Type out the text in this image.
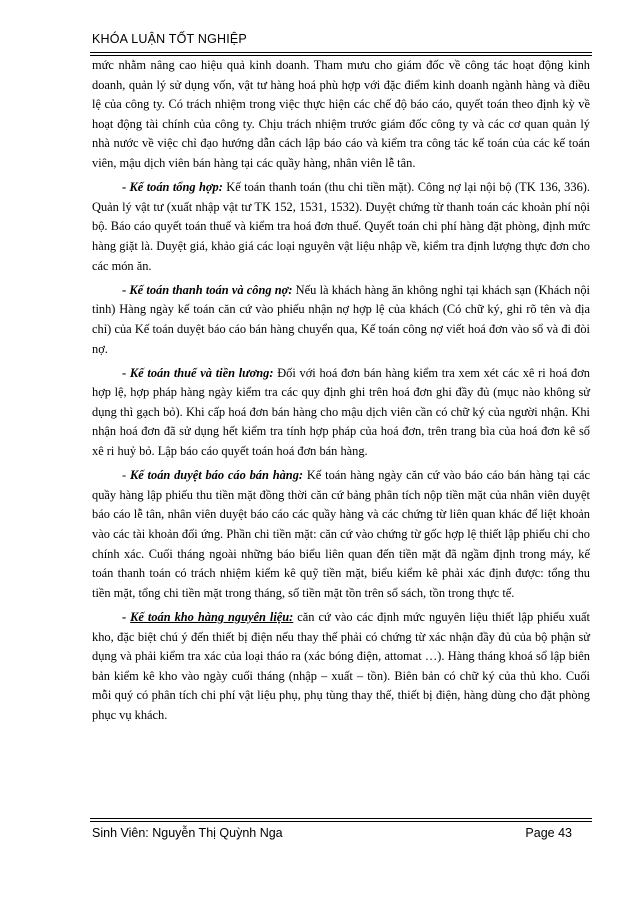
KHÓA LUẬN TỐT NGHIỆP

mức nhằm nâng cao hiệu quả kinh doanh. Tham mưu cho giám đốc về công tác hoạt động kinh doanh, quản lý sử dụng vốn, vật tư hàng hoá phù hợp với đặc điểm kinh doanh ngành hàng và điều lệ của công ty. Có trách nhiệm trong việc thực hiện các chế độ báo cáo, quyết toán theo định kỳ về hoạt động tài chính của công ty. Chịu trách nhiệm trước giám đốc công ty và các cơ quan quản lý nhà nước về việc chỉ đạo hướng dẫn cách lập báo cáo và kiểm tra công tác kế toán của các kế toán viên, mậu dịch viên bán hàng tại các quầy hàng, nhân viên lễ tân.

- Kế toán tổng hợp: Kế toán thanh toán (thu chi tiền mặt). Công nợ lại nội bộ (TK 136, 336). Quản lý vật tư (xuất nhập vật tư TK 152, 1531, 1532). Duyệt chứng từ thanh toán các khoản phí nội bộ. Báo cáo quyết toán thuế và kiểm tra hoá đơn thuế. Quyết toán chi phí hàng đặt phòng, định mức hàng giặt là. Duyệt giá, khảo giá các loại nguyên vật liệu nhập về, kiểm tra định lượng thực đơn cho các món ăn.

- Kế toán thanh toán và công nợ: Nếu là khách hàng ăn không nghỉ tại khách sạn (Khách nội tỉnh) Hàng ngày kế toán căn cứ vào phiếu nhận nợ hợp lệ của khách (Có chữ ký, ghi rõ tên và địa chỉ) của Kế toán duyệt báo cáo bán hàng chuyển qua, Kế toán công nợ viết hoá đơn vào sổ và đi đòi nợ.

- Kế toán thuế và tiền lương: Đối với hoá đơn bán hàng kiểm tra xem xét các xê ri hoá đơn hợp lệ, hợp pháp hàng ngày kiểm tra các quy định ghi trên hoá đơn ghi đầy đủ (mục nào không sử dụng thì gạch bỏ). Khi cấp hoá đơn bán hàng cho mậu dịch viên cần có chữ ký của người nhận. Khi nhận hoá đơn đã sử dụng hết kiểm tra tính hợp pháp của hoá đơn, trên trang bìa của hoá đơn kê số xê ri huỷ bỏ. Lập báo cáo quyết toán hoá đơn bán hàng.

- Kế toán duyệt báo cáo bán hàng: Kế toán hàng ngày căn cứ vào báo cáo bán hàng tại các quầy hàng lập phiếu thu tiền mặt đồng thời căn cứ bảng phân tích nộp tiền mặt của nhân viên duyệt báo cáo lễ tân, nhân viên duyệt báo cáo các quầy hàng và các chứng từ liên quan khác để liệt khoản vào các tài khoản đối ứng. Phần chi tiền mặt: căn cứ vào chứng từ gốc hợp lệ thiết lập phiếu chi cho chính xác. Cuối tháng ngoài những báo biểu liên quan đến tiền mặt đã ngầm định trong máy, kế toán thanh toán có trách nhiệm kiểm kê quỹ tiền mặt, biểu kiểm kê phải xác định được: tổng thu tiền mặt, tổng chi tiền mặt trong tháng, số tiền mặt tồn trên sổ sách, tồn trong thực tế.

- Kế toán kho hàng nguyên liệu: căn cứ vào các định mức nguyên liệu thiết lập phiếu xuất kho, đặc biệt chú ý đến thiết bị điện nếu thay thế phải có chứng từ xác nhận đầy đủ của bộ phận sử dụng và phải kiểm tra xác của loại tháo ra (xác bóng điện, attomat …). Hàng tháng khoá sổ lập biên bản kiểm kê kho vào ngày cuối tháng (nhập – xuất – tồn). Biên bản có chữ ký của thủ kho. Cuối mỗi quý có phân tích chi phí vật liệu phụ, phụ tùng thay thế, thiết bị điện, hàng dùng cho đặt phòng phục vụ khách.

Sinh Viên: Nguyễn Thị Quỳnh Nga	Page 43
